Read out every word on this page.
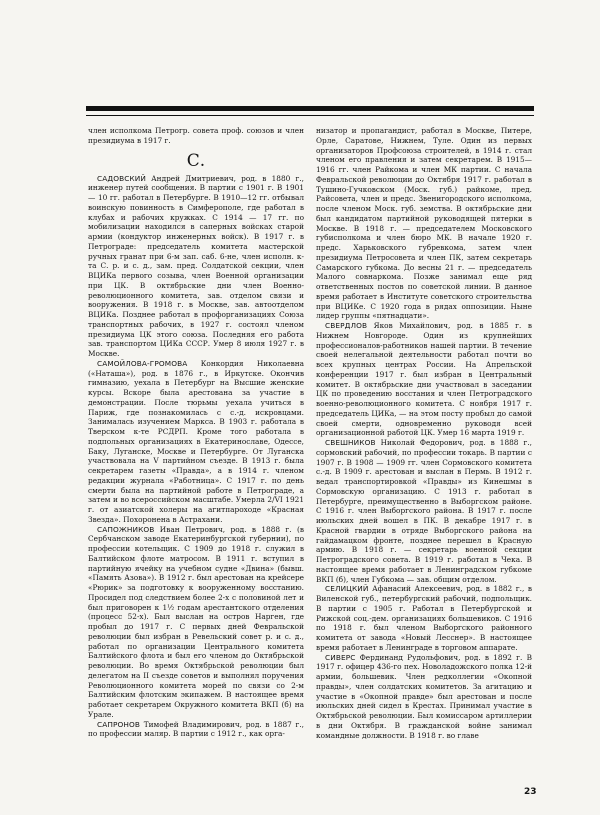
член исполкома Петрогр. совета проф. союзов и член президиума в 1917 г.

С.

САДОВСКИЙ Андрей Дмитриевич, род. в 1880 г., инженер путей сообщения. В партии с 1901 г. В 1901 — 10 гг. работал в Петербурге. В 1910—12 гг. отбывал воинскую повинность в Симферополе, где работал в клубах и рабочих кружках. С 1914 — 17 гг. по мобилизации находился в саперных войсках старой армии (кондуктор инженерных войск). В 1917 г. в Петрограде: председатель комитета мастерской ручных гранат при 6-м зап. саб. 6-не, член исполн. к-та С. р. и с. д., зам. пред. Солдатской секции, член ВЦИКа первого созыва, член Военной организации при ЦК. В октябрьские дни член Военно-революционного комитета, зав. отделом связи и вооружения. В 1918 г. в Москве, зав. автоотделом ВЦИКа. Позднее работал в профорганизациях Союза транспортных рабочих, в 1927 г. состоял членом президиума ЦК этого союза. Последняя его работа зав. транспортом ЦИКа СССР. Умер 8 июля 1927 г. в Москве.

САМОЙЛОВА-ГРОМОВА Конкордия Николаевна («Наташа»), род. в 1876 г., в Иркутске. Окончив гимназию, уехала в Петербург на Высшие женские курсы. Вскоре была арестована за участие в демонстрации. После тюрьмы уехала учиться в Париж, где познакомилась с с.-д. искровцами. Занималась изучением Маркса. В 1903 г. работала в Тверском к-те РСДРП. Кроме того работала в подпольных организациях в Екатеринославе, Одессе, Баку, Луганске, Москве и Петербурге. От Луганска участвовала на V партийном съезде. В 1913 г. была секретарем газеты «Правда», а в 1914 г. членом редакции журнала «Работница». С 1917 г. по день смерти была на партийной работе в Петрограде, а затем и во всероссийском масштабе. Умерла 2/VI 1921 г. от азиатской холеры на агитпароходе «Красная Звезда». Похоронена в Астрахани.

САПОЖНИКОВ Иван Петрович, род. в 1888 г. (в Сербчанском заводе Екатеринбургской губернии), по профессии котельщик. С 1909 до 1918 г. служил в Балтийском флоте матросом. В 1911 г. вступил в партийную ячейку на учебном судне «Двина» (бывш. «Память Азова»). В 1912 г. был арестован на крейсере «Рюрик» за подготовку к вооруженному восстанию. Просидел под следствием более 2-х с половиной лет и был приговорен к 1½ годам арестантского отделения (процесс 52-х). Был выслан на остров Нарген, где пробыл до 1917 г. С первых дней Февральской революции был избран в Ревельский совет р. и с. д., работал по организации Центрального комитета Балтийского флота и был его членом до Октябрьской революции. Во время Октябрьской революции был делегатом на II съезде советов и выполнял поручения Революционного комитета морей по связи со 2-м Балтийским флотским экипажем. В настоящее время работает секретарем Окружного комитета ВКП (б) на Урале.

САПРОНОВ Тимофей Владимирович, род. в 1887 г., по профессии маляр. В партии с 1912 г., как орга-

низатор и пропагандист, работал в Москве, Питере, Орле, Саратове, Нижнем, Туле. Один из первых организаторов Профсоюза строителей, в 1914 г. стал членом его правления и затем секретарем. В 1915—1916 гг. член Райкома и член МК партии. С начала Февральской революции до Октября 1917 г. работал в Тушино-Гучковском (Моск. губ.) райкоме, пред. Райсовета, член и предс. Звенигородского исполкома, после членом Моск. губ. земства. В октябрьские дни был кандидатом партийной руководящей пятерки в Москве. В 1918 г. — председателем Московского губисполкома и член бюро МК. В начале 1920 г. предс. Харьковского губревкома, затем член президиума Петросовета и член ПК, затем секретарь Самарского губкома. До весны 21 г. — председатель Малого совнаркома. Позже занимал еще ряд ответственных постов по советской линии. В данное время работает в Институте советского строительства при ВЦИКе. С 1920 года в рядах оппозиции. Ныне лидер группы «пятнадцати».

СВЕРДЛОВ Яков Михайлович, род. в 1885 г. в Нижнем Новгороде. Один из крупнейших профессионалов-работников нашей партии. В течение своей нелегальной деятельности работал почти во всех крупных центрах России. На Апрельской конференции 1917 г. был избран в Центральный комитет. В октябрьские дни участвовал в заседании ЦК по проведению восстания и член Петроградского военно-революционного комитета. С ноября 1917 г. председатель ЦИКа, — на этом посту пробыл до самой своей смерти, одновременно руководя всей организационной работой ЦК. Умер 16 марта 1919 г.

СВЕШНИКОВ Николай Федорович, род. в 1888 г., сормовский рабочий, по профессии токарь. В партии с 1907 г. В 1908 — 1909 гг. член Сормовского комитета с.-д. В 1909 г. арестован и выслан в Пермь. В 1912 г. ведал транспортировкой «Правды» из Кинешмы в Сормовскую организацию. С 1913 г. работал в Петербурге, преимущественно в Выборгском районе. С 1916 г. член Выборгского района. В 1917 г. после июльских дней вошел в ПК. В декабре 1917 г. в Красной гвардии в отряде Выборгского района на гайдамацком фронте, позднее перешел в Красную армию. В 1918 г. — секретарь военной секции Петроградского совета. В 1919 г. работал в Чека. В настоящее время работает в Ленинградском губкоме ВКП (б), член Губкома — зав. общим отделом.

СЕЛИЦКИЙ Афанасий Алексеевич, род. в 1882 г., в Виленской губ., петербургский рабочий, подпольщик. В партии с 1905 г. Работал в Петербургской и Рижской соц.-дем. организациях большевиков. С 1916 по 1918 г. был членом Выборгского районного комитета от завода «Новый Лесснер». В настоящее время работает в Ленинграде в торговом аппарате.

СИВЕРС Фердинанд Рудольфович, род. в 1892 г. В 1917 г. офицер 436-го пех. Новоладожского полка 12-й армии, большевик. Член редколлегии «Окопной правды», член солдатских комитетов. За агитацию и участие в «Окопной правде» был арестован и после июльских дней сидел в Крестах. Принимал участие в Октябрьской революции. Был комиссаром артиллерии в дни Октября. В гражданской войне занимал командные должности. В 1918 г. во главе

23
